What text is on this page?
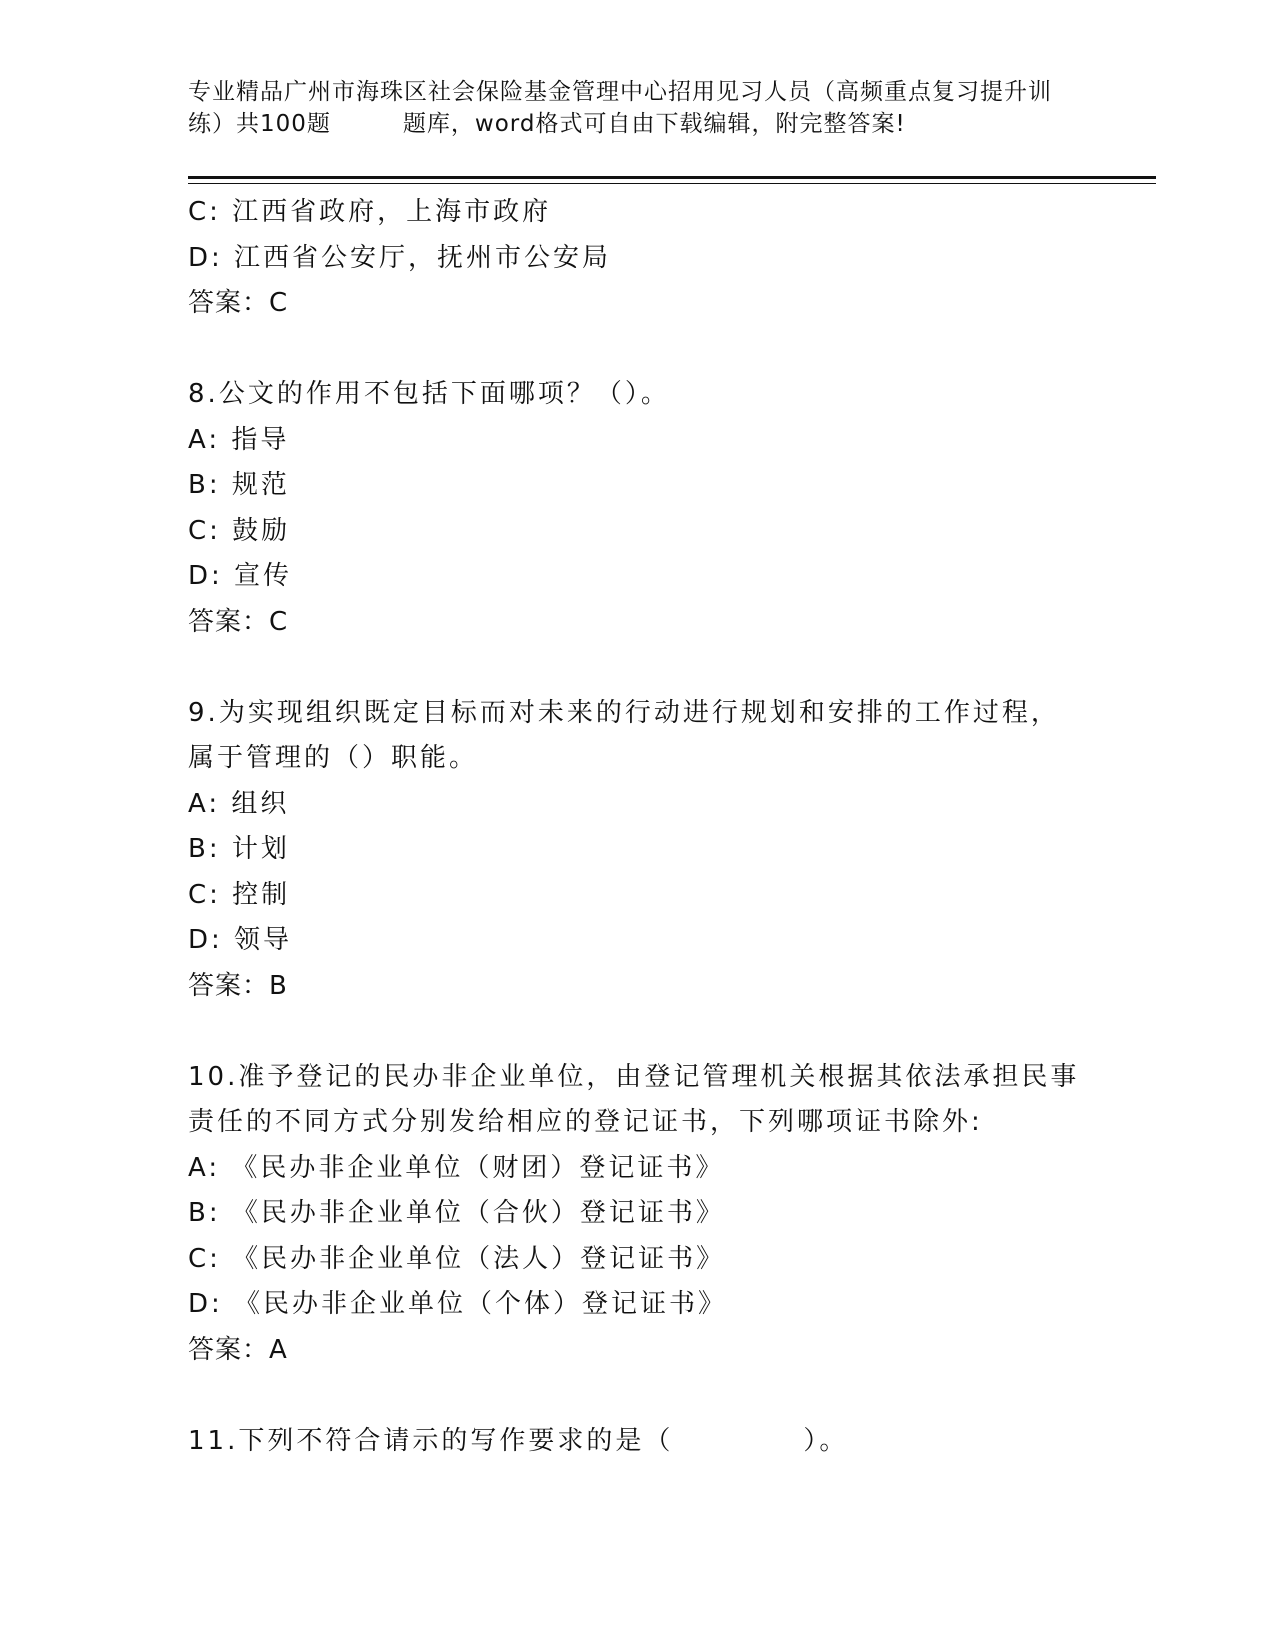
专业精品广州市海珠区社会保险基金管理中心招用见习人员（高频重点复习提升训
练）共100题	题库，word格式可自由下载编辑，附完整答案!
C: 江西省政府，上海市政府
D: 江西省公安厅，抚州市公安局
答案：C
8.公文的作用不包括下面哪项？（）。
A: 指导
B: 规范
C: 鼓励
D: 宣传
答案：C
9.为实现组织既定目标而对未来的行动进行规划和安排的工作过程，
属于管理的（）职能。
A: 组织
B: 计划
C: 控制
D: 领导
答案：B
10.准予登记的民办非企业单位，由登记管理机关根据其依法承担民事
责任的不同方式分别发给相应的登记证书，下列哪项证书除外:
A: 《民办非企业单位（财团）登记证书》
B: 《民办非企业单位（合伙）登记证书》
C: 《民办非企业单位（法人）登记证书》
D: 《民办非企业单位（个体）登记证书》
答案：A
11.下列不符合请示的写作要求的是（	）。
